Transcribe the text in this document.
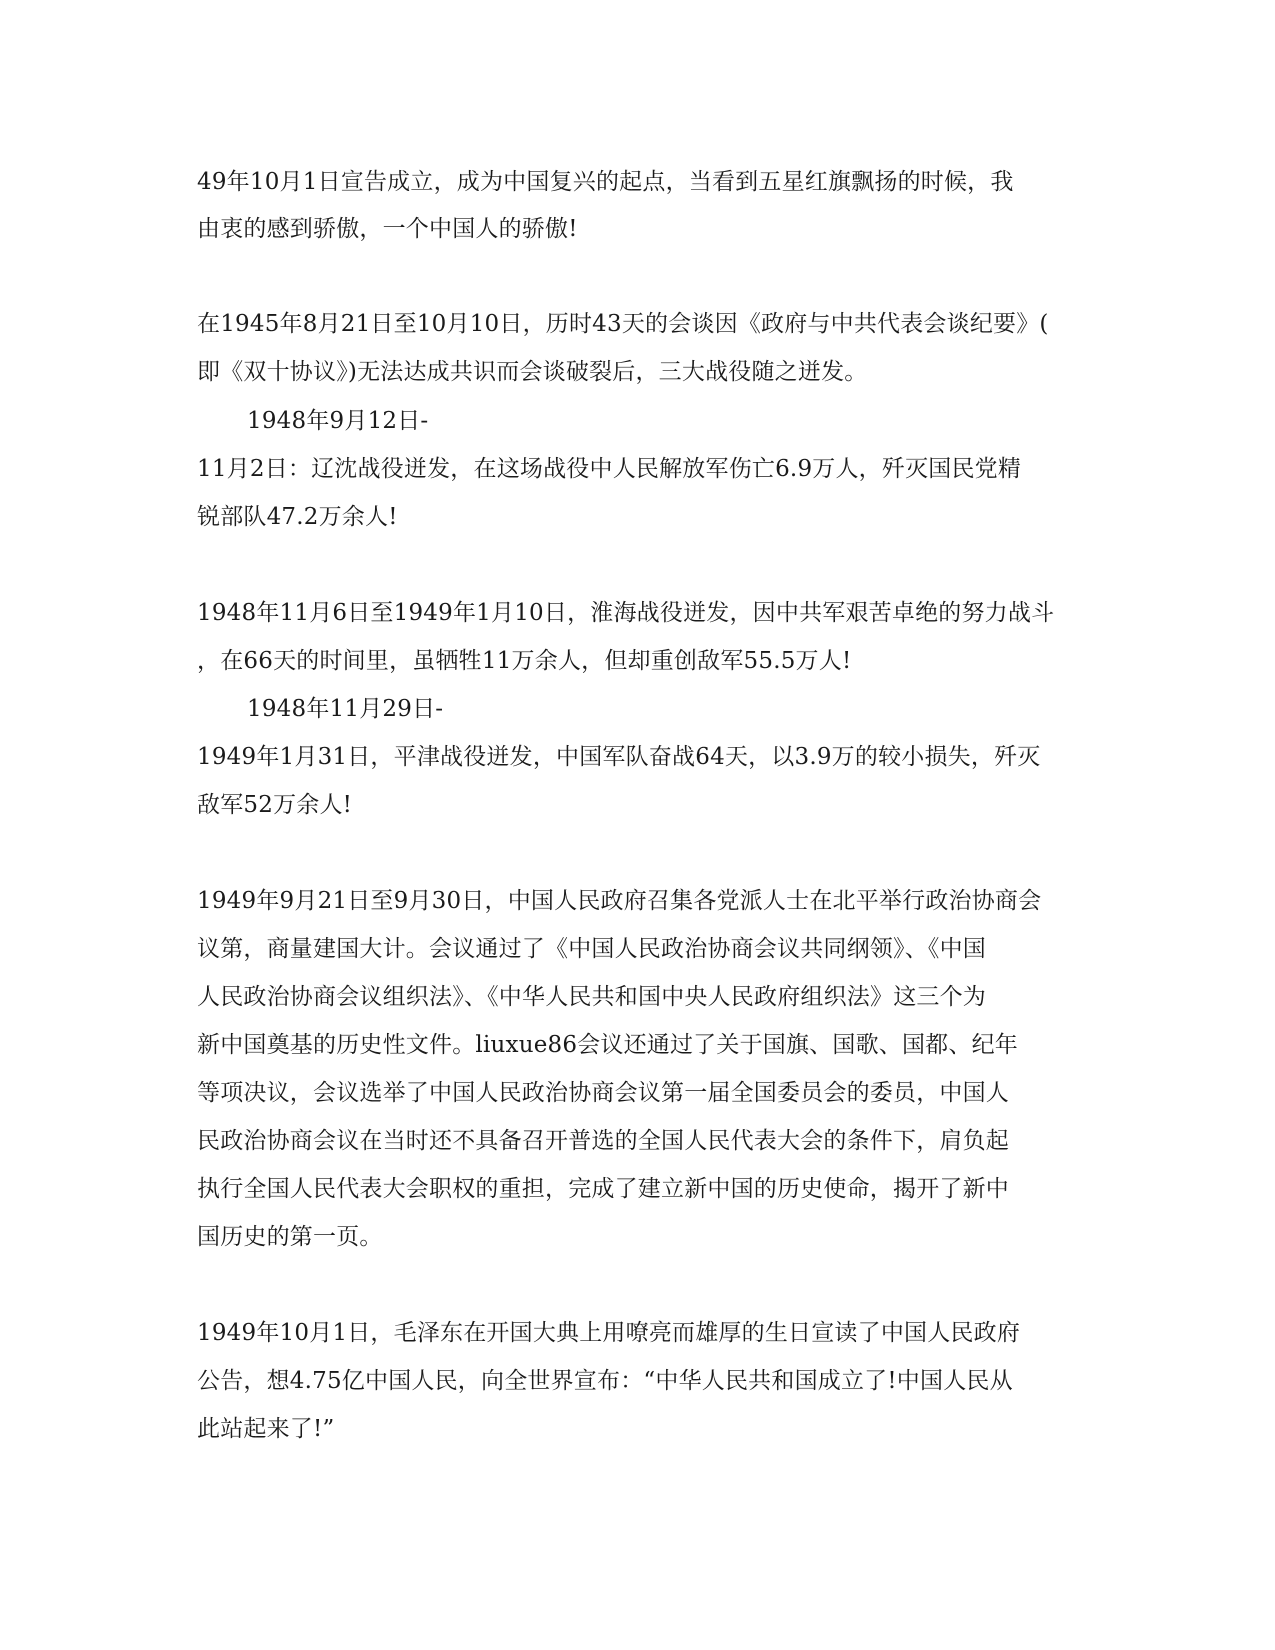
49年10月1日宣告成立，成为中国复兴的起点，当看到五星红旗飘扬的时候，我

由衷的感到骄傲，一个中国人的骄傲!

在1945年8月21日至10月10日，历时43天的会谈因《政府与中共代表会谈纪要》(

即《双十协议》)无法达成共识而会谈破裂后，三大战役随之迸发。

1948年9月12日-

11月2日：辽沈战役迸发，在这场战役中人民解放军伤亡6.9万人，歼灭国民党精

锐部队47.2万余人!

1948年11月6日至1949年1月10日，淮海战役迸发，因中共军艰苦卓绝的努力战斗

，在66天的时间里，虽牺牲11万余人，但却重创敌军55.5万人!

1948年11月29日-

1949年1月31日，平津战役迸发，中国军队奋战64天，以3.9万的较小损失，歼灭

敌军52万余人!

1949年9月21日至9月30日，中国人民政府召集各党派人士在北平举行政治协商会

议第，商量建国大计。会议通过了《中国人民政治协商会议共同纲领》、《中国

人民政治协商会议组织法》、《中华人民共和国中央人民政府组织法》这三个为

新中国奠基的历史性文件。liuxue86会议还通过了关于国旗、国歌、国都、纪年

等项决议，会议选举了中国人民政治协商会议第一届全国委员会的委员，中国人

民政治协商会议在当时还不具备召开普选的全国人民代表大会的条件下，肩负起

执行全国人民代表大会职权的重担，完成了建立新中国的历史使命，揭开了新中

国历史的第一页。

1949年10月1日，毛泽东在开国大典上用嘹亮而雄厚的生日宣读了中国人民政府

公告，想4.75亿中国人民，向全世界宣布：“中华人民共和国成立了!中国人民从

此站起来了!”
